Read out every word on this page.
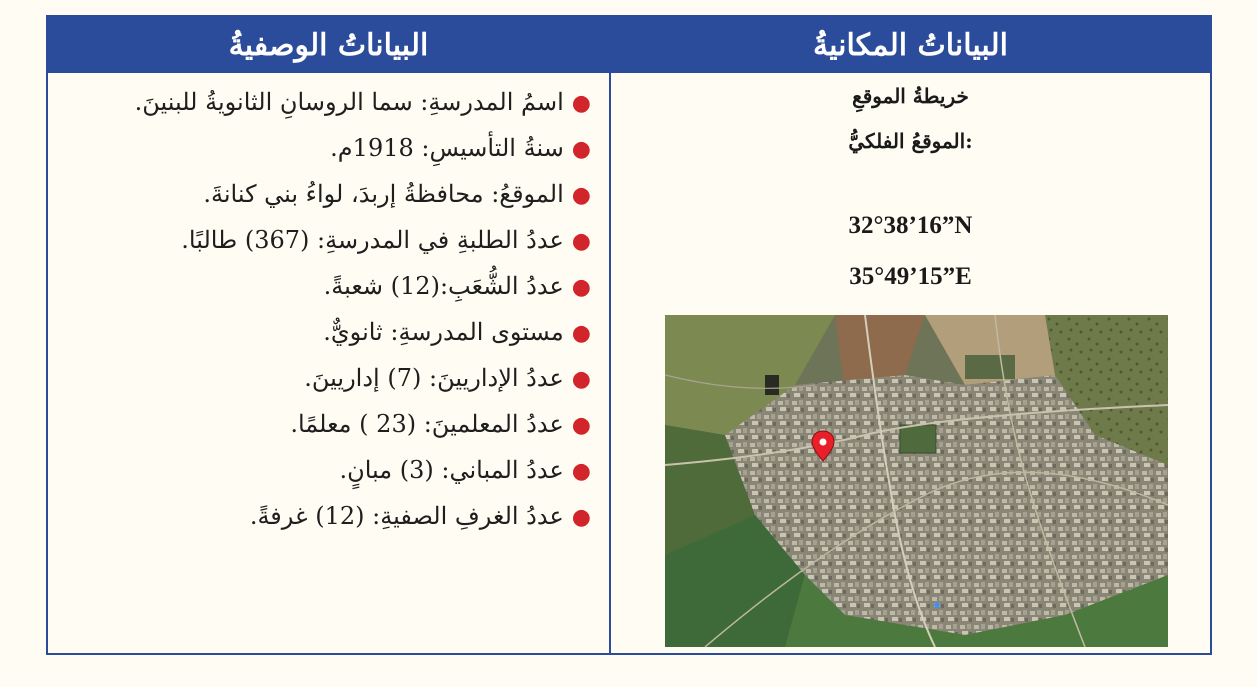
البياناتُ الوصفيةُ	البياناتُ المكانيةُ
●اسمُ المدرسةِ: سما الروسانِ الثانويةُ للبنينَ.
●سنةُ التأسيسِ: 1918م.
●الموقعُ: محافظةُ إربدَ، لواءُ بني كنانةَ.
●عددُ الطلبةِ في المدرسةِ: (367) طالبًا.
●عددُ الشُّعَبِ:(12) شعبةً.
●مستوى المدرسةِ: ثانويٌّ.
●عددُ الإداريينَ: (7) إداريينَ.
●عددُ المعلمينَ: (23 ) معلمًا.
●عددُ المباني: (3) مبانٍ.
●عددُ الغرفِ الصفيةِ: (12) غرفةً.
خريطةُ الموقعِ
الموقعُ الفلكيُّ:
32°38’16”N
35°49’15”E
